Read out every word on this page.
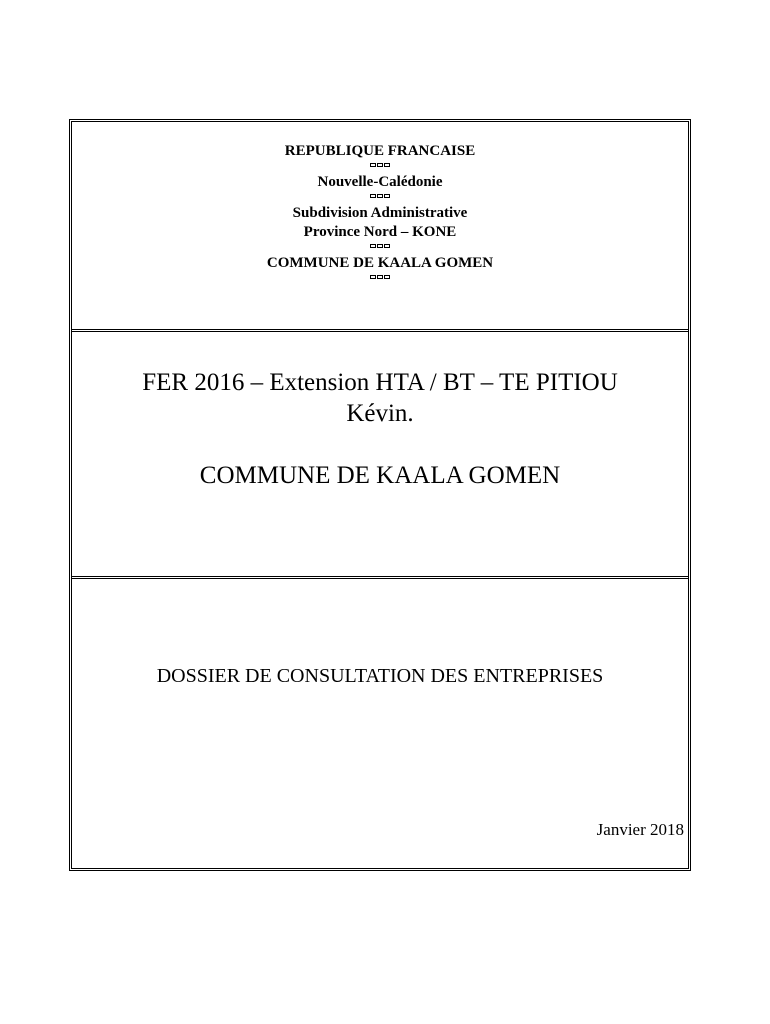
REPUBLIQUE FRANCAISE
Nouvelle-Calédonie
Subdivision Administrative
Province Nord – KONE
COMMUNE DE KAALA GOMEN
FER 2016 – Extension HTA / BT – TE PITIOU
Kévin.
COMMUNE DE KAALA GOMEN
DOSSIER DE CONSULTATION DES ENTREPRISES
Janvier 2018
